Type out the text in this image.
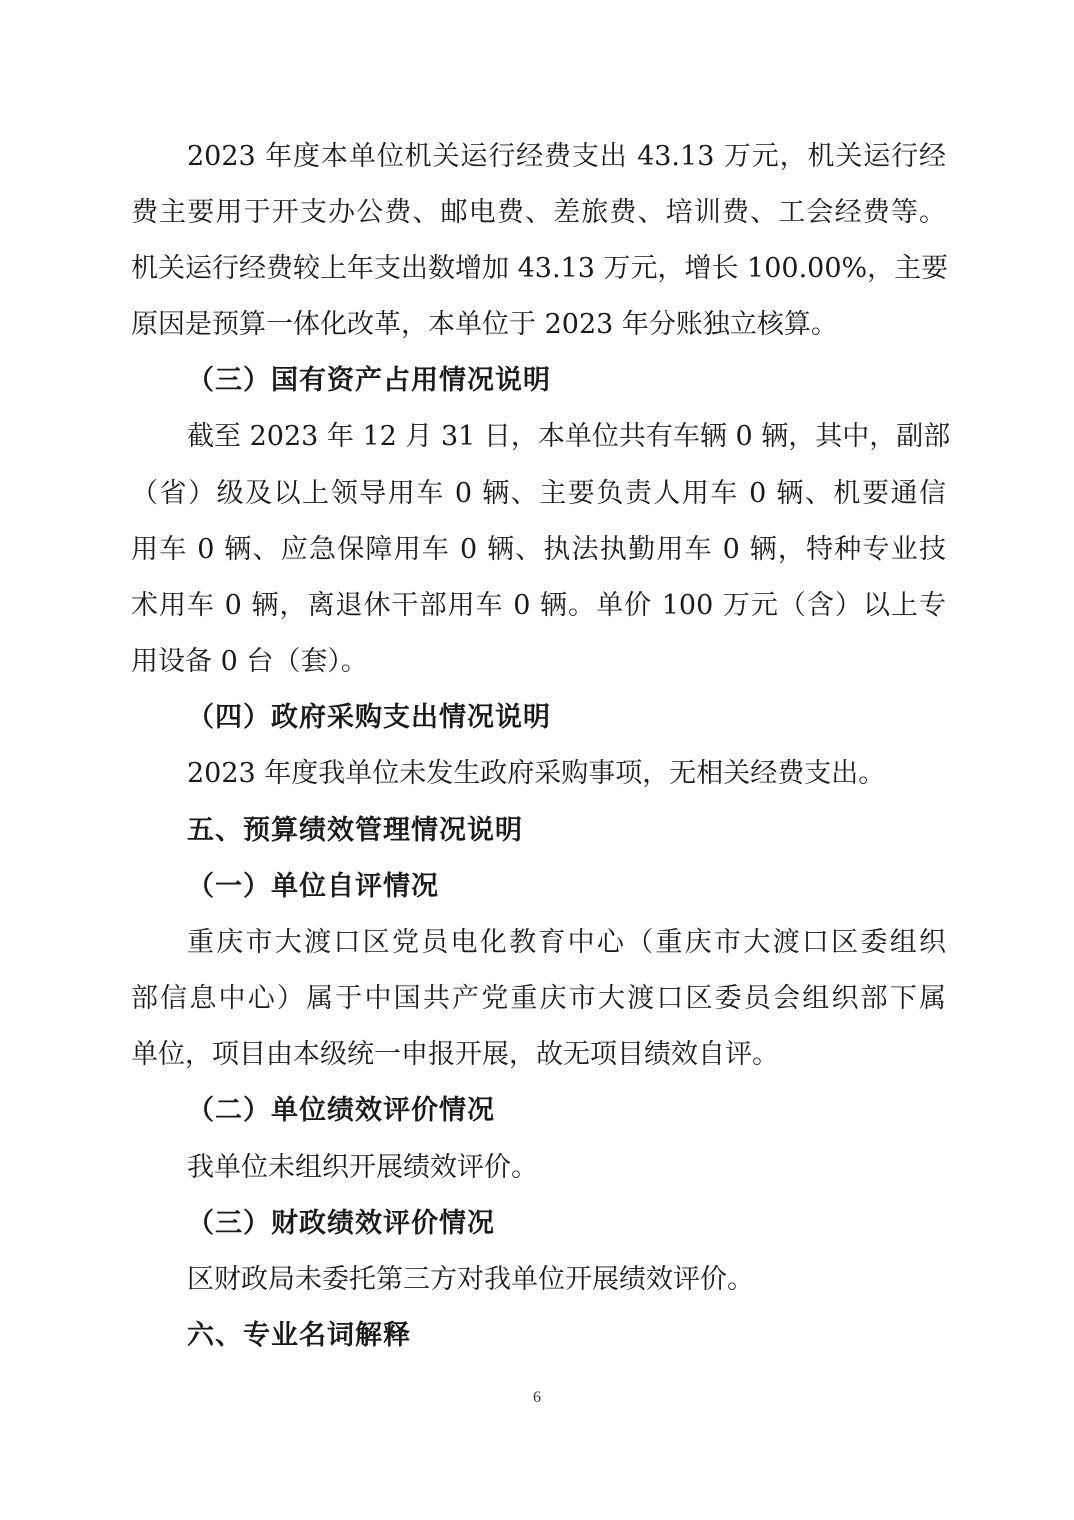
2023 年度本单位机关运行经费支出 43.13 万元，机关运行经
费主要用于开支办公费、邮电费、差旅费、培训费、工会经费等。
机关运行经费较上年支出数增加 43.13 万元，增长 100.00%，主要
原因是预算一体化改革，本单位于 2023 年分账独立核算。
（三）国有资产占用情况说明
截至 2023 年 12 月 31 日，本单位共有车辆 0 辆，其中，副部
（省）级及以上领导用车 0 辆、主要负责人用车 0 辆、机要通信
用车 0 辆、应急保障用车 0 辆、执法执勤用车 0 辆，特种专业技
术用车 0 辆，离退休干部用车 0 辆。单价 100 万元（含）以上专
用设备 0 台（套）。
（四）政府采购支出情况说明
2023 年度我单位未发生政府采购事项，无相关经费支出。
五、预算绩效管理情况说明
（一）单位自评情况
重庆市大渡口区党员电化教育中心（重庆市大渡口区委组织
部信息中心）属于中国共产党重庆市大渡口区委员会组织部下属
单位，项目由本级统一申报开展，故无项目绩效自评。
（二）单位绩效评价情况
我单位未组织开展绩效评价。
（三）财政绩效评价情况
区财政局未委托第三方对我单位开展绩效评价。
六、专业名词解释
6
